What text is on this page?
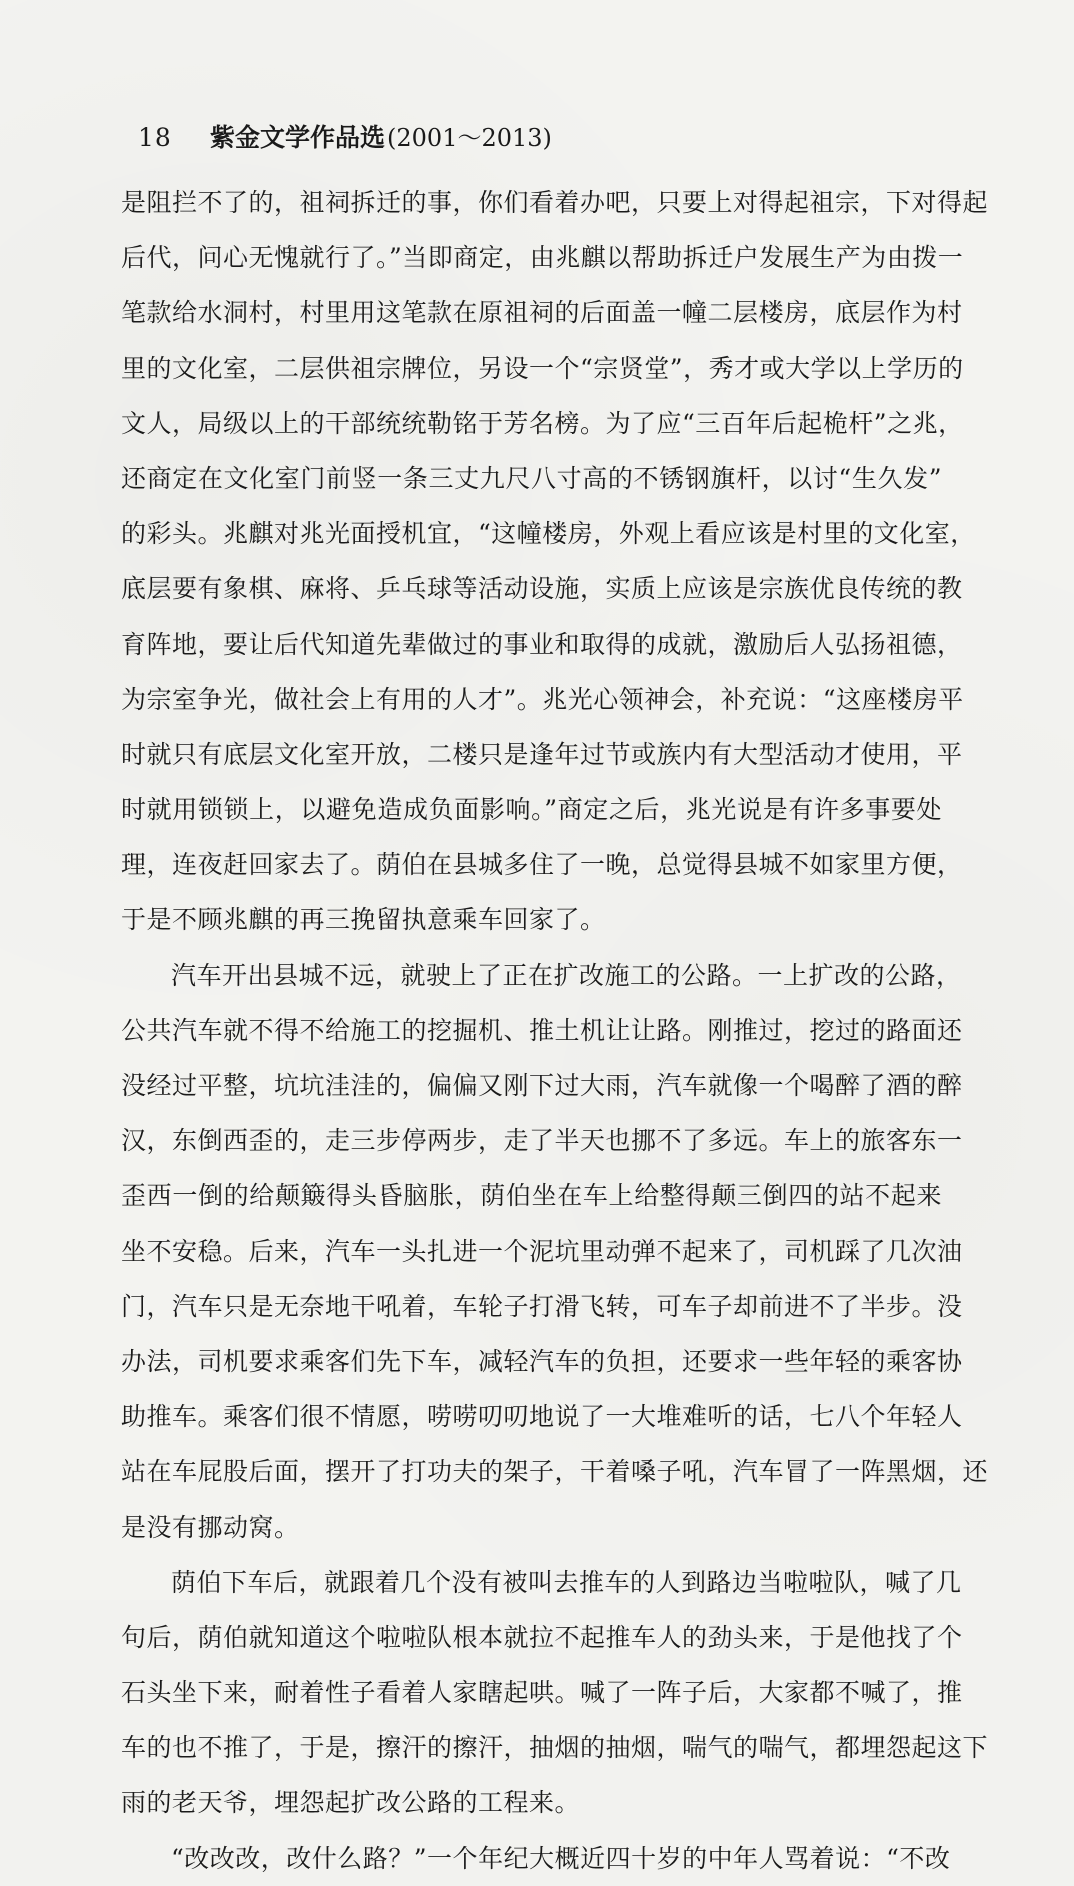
18	紫金文学作品选 (2001～2013)
是阻拦不了的，祖祠拆迁的事，你们看着办吧，只要上对得起祖宗，下对得起
后代，问心无愧就行了。”当即商定，由兆麒以帮助拆迁户发展生产为由拨一
笔款给水洞村，村里用这笔款在原祖祠的后面盖一幢二层楼房，底层作为村
里的文化室，二层供祖宗牌位，另设一个“宗贤堂”，秀才或大学以上学历的
文人，局级以上的干部统统勒铭于芳名榜。为了应“三百年后起桅杆”之兆，
还商定在文化室门前竖一条三丈九尺八寸高的不锈钢旗杆，以讨“生久发”
的彩头。兆麒对兆光面授机宜，“这幢楼房，外观上看应该是村里的文化室，
底层要有象棋、麻将、乒乓球等活动设施，实质上应该是宗族优良传统的教
育阵地，要让后代知道先辈做过的事业和取得的成就，激励后人弘扬祖德，
为宗室争光，做社会上有用的人才”。兆光心领神会，补充说：“这座楼房平
时就只有底层文化室开放，二楼只是逢年过节或族内有大型活动才使用，平
时就用锁锁上，以避免造成负面影响。”商定之后，兆光说是有许多事要处
理，连夜赶回家去了。荫伯在县城多住了一晚，总觉得县城不如家里方便，
于是不顾兆麒的再三挽留执意乘车回家了。
汽车开出县城不远，就驶上了正在扩改施工的公路。一上扩改的公路，
公共汽车就不得不给施工的挖掘机、推土机让让路。刚推过，挖过的路面还
没经过平整，坑坑洼洼的，偏偏又刚下过大雨，汽车就像一个喝醉了酒的醉
汉，东倒西歪的，走三步停两步，走了半天也挪不了多远。车上的旅客东一
歪西一倒的给颠簸得头昏脑胀，荫伯坐在车上给整得颠三倒四的站不起来
坐不安稳。后来，汽车一头扎进一个泥坑里动弹不起来了，司机踩了几次油
门，汽车只是无奈地干吼着，车轮子打滑飞转，可车子却前进不了半步。没
办法，司机要求乘客们先下车，减轻汽车的负担，还要求一些年轻的乘客协
助推车。乘客们很不情愿，唠唠叨叨地说了一大堆难听的话，七八个年轻人
站在车屁股后面，摆开了打功夫的架子，干着嗓子吼，汽车冒了一阵黑烟，还
是没有挪动窝。
荫伯下车后，就跟着几个没有被叫去推车的人到路边当啦啦队，喊了几
句后，荫伯就知道这个啦啦队根本就拉不起推车人的劲头来，于是他找了个
石头坐下来，耐着性子看着人家瞎起哄。喊了一阵子后，大家都不喊了，推
车的也不推了，于是，擦汗的擦汗，抽烟的抽烟，喘气的喘气，都埋怨起这下
雨的老天爷，埋怨起扩改公路的工程来。
“改改改，改什么路？”一个年纪大概近四十岁的中年人骂着说：“不改
